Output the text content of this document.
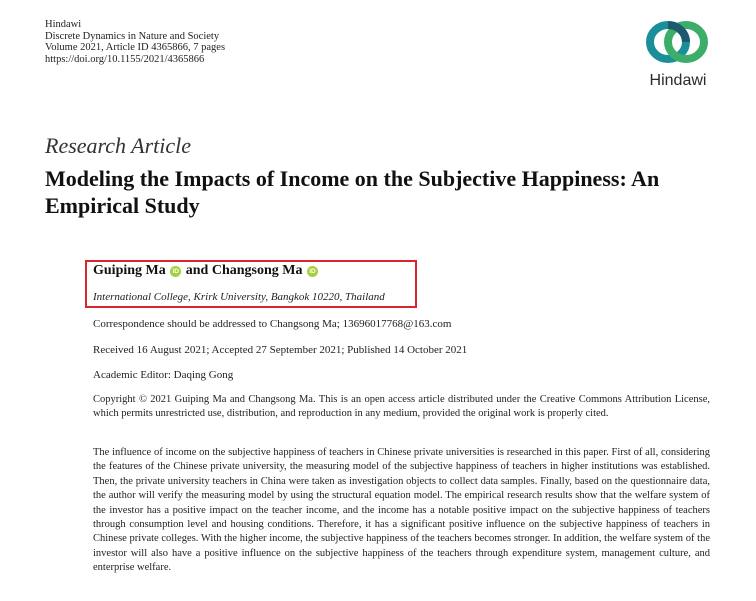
Hindawi
Discrete Dynamics in Nature and Society
Volume 2021, Article ID 4365866, 7 pages
https://doi.org/10.1155/2021/4365866
Hindawi
Research Article
Modeling the Impacts of Income on the Subjective Happiness: An Empirical Study
Guiping Ma iD and Changsong Ma iD
International College, Krirk University, Bangkok 10220, Thailand
Correspondence should be addressed to Changsong Ma; 13696017768@163.com
Received 16 August 2021; Accepted 27 September 2021; Published 14 October 2021
Academic Editor: Daqing Gong
Copyright © 2021 Guiping Ma and Changsong Ma. This is an open access article distributed under the Creative Commons Attribution License, which permits unrestricted use, distribution, and reproduction in any medium, provided the original work is properly cited.
The influence of income on the subjective happiness of teachers in Chinese private universities is researched in this paper. First of all, considering the features of the Chinese private university, the measuring model of the subjective happiness of teachers in higher institutions was established. Then, the private university teachers in China were taken as investigation objects to collect data samples. Finally, based on the questionnaire data, the author will verify the measuring model by using the structural equation model. The empirical research results show that the welfare system of the investor has a positive impact on the teacher income, and the income has a notable positive impact on the subjective happiness of teachers through consumption level and housing conditions. Therefore, it has a significant positive influence on the subjective happiness of teachers in Chinese private colleges. With the higher income, the subjective happiness of the teachers becomes stronger. In addition, the welfare system of the investor will also have a positive influence on the subjective happiness of the teachers through expenditure system, management culture, and enterprise welfare.
